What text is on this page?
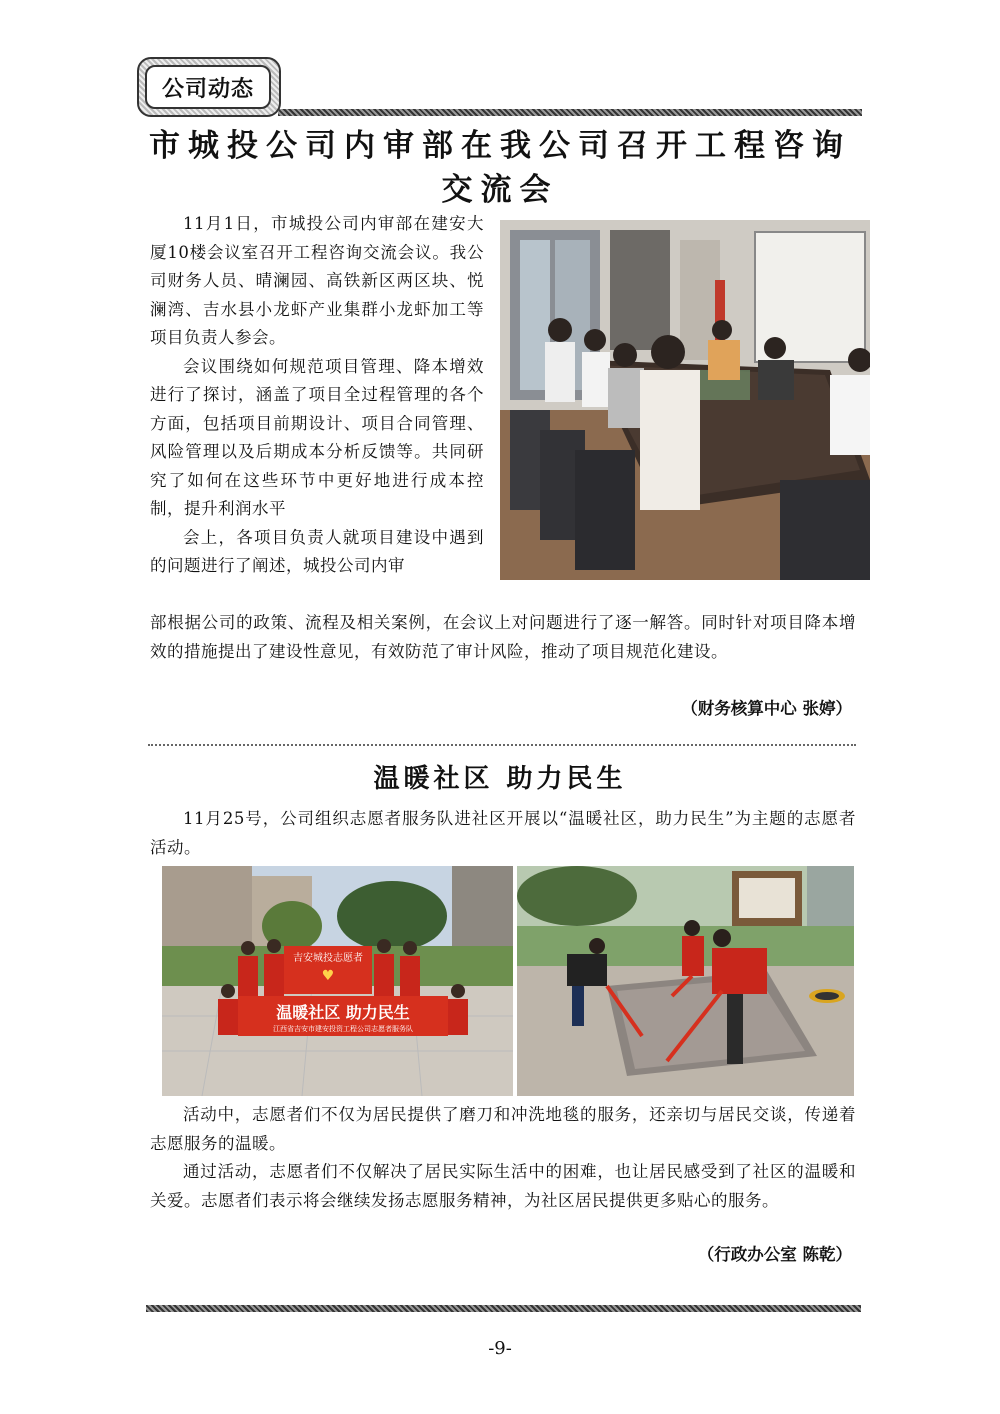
公司动态
市城投公司内审部在我公司召开工程咨询
交流会

11月1日，市城投公司内审部在建安大厦10楼会议室召开工程咨询交流会议。我公司财务人员、晴澜园、高铁新区两区块、悦澜湾、吉水县小龙虾产业集群小龙虾加工等项目负责人参会。

会议围绕如何规范项目管理、降本增效进行了探讨，涵盖了项目全过程管理的各个方面，包括项目前期设计、项目合同管理、风险管理以及后期成本分析反馈等。共同研究了如何在这些环节中更好地进行成本控制，提升利润水平

会上，各项目负责人就项目建设中遇到的问题进行了阐述，城投公司内审

部根据公司的政策、流程及相关案例，在会议上对问题进行了逐一解答。同时针对项目降本增效的措施提出了建设性意见，有效防范了审计风险，推动了项目规范化建设。

（财务核算中心 张婷）
温暖社区 助力民生

11月25号，公司组织志愿者服务队进社区开展以“温暖社区，助力民生”为主题的志愿者活动。

吉安城投志愿者
♥
温暖社区 助力民生
江西省吉安市建安投资工程公司志愿者服务队

活动中，志愿者们不仅为居民提供了磨刀和冲洗地毯的服务，还亲切与居民交谈，传递着志愿服务的温暖。

通过活动，志愿者们不仅解决了居民实际生活中的困难，也让居民感受到了社区的温暖和关爱。志愿者们表示将会继续发扬志愿服务精神，为社区居民提供更多贴心的服务。

（行政办公室 陈乾）
-9-
